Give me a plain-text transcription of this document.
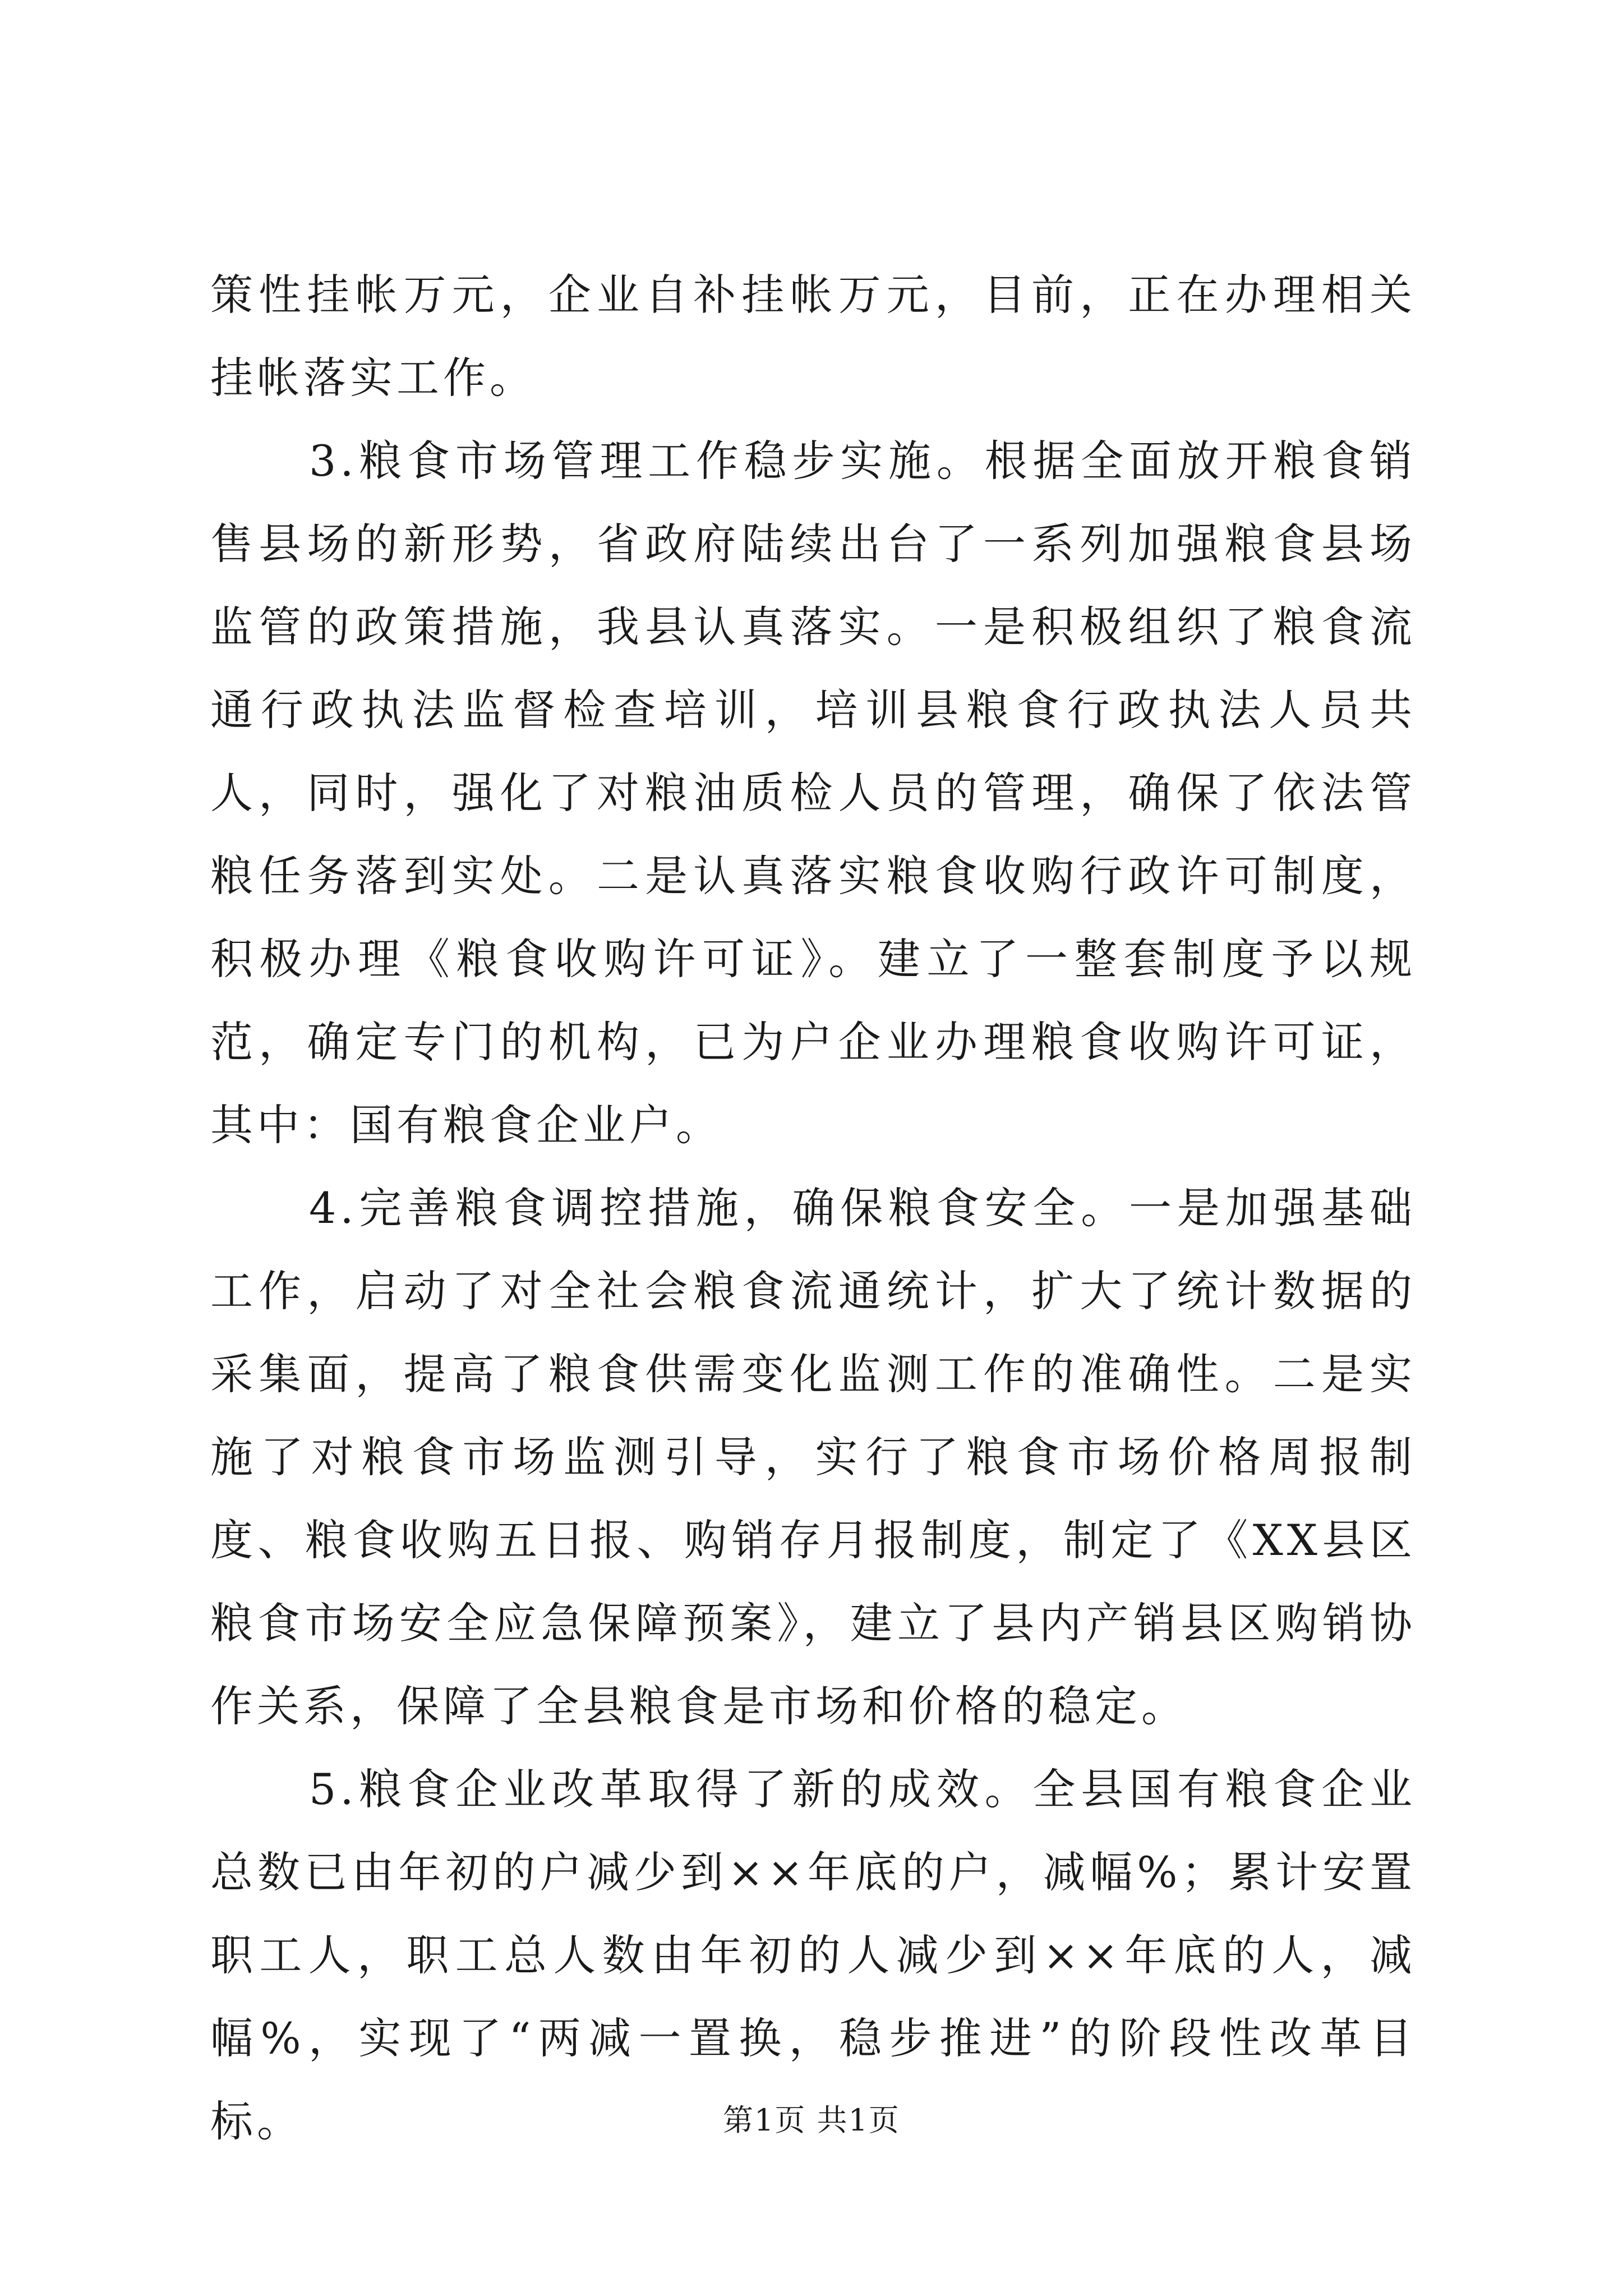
策性挂帐万元，企业自补挂帐万元，目前，正在办理相关挂帐落实工作。

3.粮食市场管理工作稳步实施。根据全面放开粮食销售县场的新形势，省政府陆续出台了一系列加强粮食县场监管的政策措施，我县认真落实。一是积极组织了粮食流通行政执法监督检查培训，培训县粮食行政执法人员共人，同时，强化了对粮油质检人员的管理，确保了依法管粮任务落到实处。二是认真落实粮食收购行政许可制度，积极办理《粮食收购许可证》。建立了一整套制度予以规范，确定专门的机构，已为户企业办理粮食收购许可证，其中：国有粮食企业户。

4.完善粮食调控措施，确保粮食安全。一是加强基础工作，启动了对全社会粮食流通统计，扩大了统计数据的采集面，提高了粮食供需变化监测工作的准确性。二是实施了对粮食市场监测引导，实行了粮食市场价格周报制度、粮食收购五日报、购销存月报制度，制定了《XX县区粮食市场安全应急保障预案》，建立了县内产销县区购销协作关系，保障了全县粮食是市场和价格的稳定。

5.粮食企业改革取得了新的成效。全县国有粮食企业总数已由年初的户减少到××年底的户，减幅%；累计安置职工人，职工总人数由年初的人减少到××年底的人，减幅%，实现了“两减一置换，稳步推进”的阶段性改革目标。	第1页 共1页
